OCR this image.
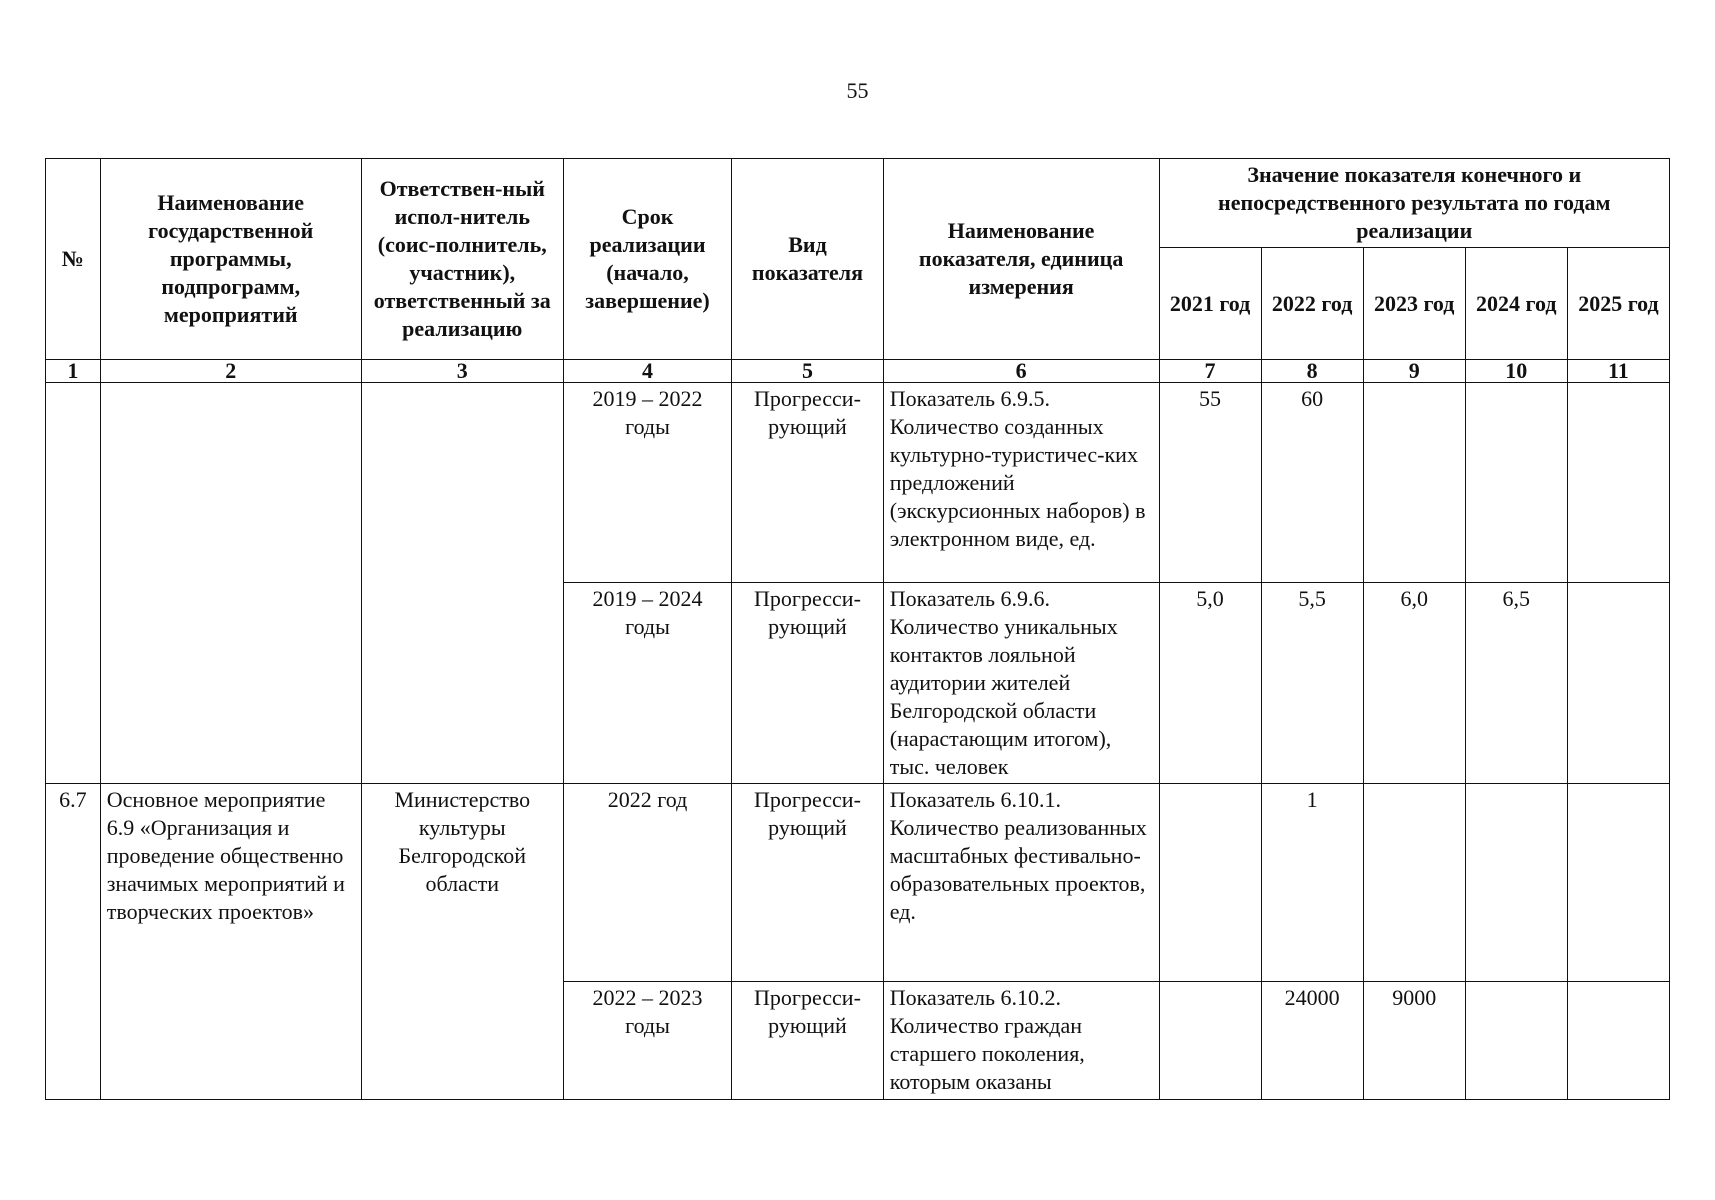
55
№	Наименование государственной программы, подпрограмм, мероприятий	Ответствен-ный испол-нитель (соис-полнитель, участник), ответственный за реализацию	Срок реализации (начало, завершение)	Вид показателя	Наименование показателя, единица измерения	Значение показателя конечного и непосредственного результата по годам реализации				
						2021 год	2022 год	2023 год	2024 год	2025 год
1	2	3	4	5	6	7	8	9	10	11
			2019 – 2022 годы	Прогресси-рующий	Показатель 6.9.5. Количество созданных культурно-туристичес-ких предложений (экскурсионных наборов) в электронном виде, ед.	55	60			
			2019 – 2024 годы	Прогресси-рующий	Показатель 6.9.6. Количество уникальных контактов лояльной аудитории жителей Белгородской области (нарастающим итогом), тыс. человек	5,0	5,5	6,0	6,5	
6.7	Основное мероприятие 6.9 «Организация и проведение общественно значимых мероприятий и творческих проектов»	Министерство культуры Белгородской области	2022 год	Прогресси-рующий	Показатель 6.10.1. Количество реализованных масштабных фестивально-образовательных проектов, ед.		1			
			2022 – 2023 годы	Прогресси-рующий	Показатель 6.10.2. Количество граждан старшего поколения, которым оказаны		24000	9000		
